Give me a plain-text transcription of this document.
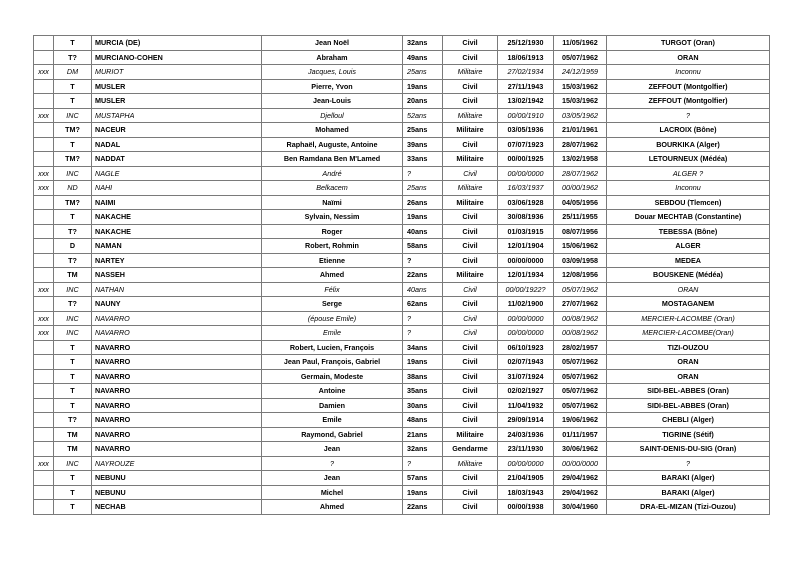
	T	MURCIA (DE)	Jean Noël	32ans	Civil	25/12/1930	11/05/1962	TURGOT (Oran)
	T?	MURCIANO-COHEN	Abraham	49ans	Civil	18/06/1913	05/07/1962	ORAN
xxx	DM	MURIOT	Jacques, Louis	25ans	Militaire	27/02/1934	24/12/1959	Inconnu
	T	MUSLER	Pierre, Yvon	19ans	Civil	27/11/1943	15/03/1962	ZEFFOUT (Montgolfier)
	T	MUSLER	Jean-Louis	20ans	Civil	13/02/1942	15/03/1962	ZEFFOUT (Montgolfier)
xxx	INC	MUSTAPHA	Djelloul	52ans	Militaire	00/00/1910	03/05/1962	?
	TM?	NACEUR	Mohamed	25ans	Militaire	03/05/1936	21/01/1961	LACROIX (Bône)
	T	NADAL	Raphaël, Auguste, Antoine	39ans	Civil	07/07/1923	28/07/1962	BOURKIKA (Alger)
	TM?	NADDAT	Ben Ramdana Ben M'Lamed	33ans	Militaire	00/00/1925	13/02/1958	LETOURNEUX (Médéa)
xxx	INC	NAGLE	André	?	Civil	00/00/0000	28/07/1962	ALGER ?
xxx	ND	NAHI	Belkacem	25ans	Militaire	16/03/1937	00/00/1962	Inconnu
	TM?	NAIMI	Naïmi	26ans	Militaire	03/06/1928	04/05/1956	SEBDOU (Tlemcen)
	T	NAKACHE	Sylvain, Nessim	19ans	Civil	30/08/1936	25/11/1955	Douar MECHTAB (Constantine)
	T?	NAKACHE	Roger	40ans	Civil	01/03/1915	08/07/1956	TEBESSA (Bône)
	D	NAMAN	Robert, Rohmin	58ans	Civil	12/01/1904	15/06/1962	ALGER
	T?	NARTEY	Etienne	?	Civil	00/00/0000	03/09/1958	MEDEA
	TM	NASSEH	Ahmed	22ans	Militaire	12/01/1934	12/08/1956	BOUSKENE (Médéa)
xxx	INC	NATHAN	Félix	40ans	Civil	00/00/1922?	05/07/1962	ORAN
	T?	NAUNY	Serge	62ans	Civil	11/02/1900	27/07/1962	MOSTAGANEM
xxx	INC	NAVARRO	(épouse Emile)	?	Civil	00/00/0000	00/08/1962	MERCIER-LACOMBE (Oran)
xxx	INC	NAVARRO	Emile	?	Civil	00/00/0000	00/08/1962	MERCIER-LACOMBE(Oran)
	T	NAVARRO	Robert, Lucien, François	34ans	Civil	06/10/1923	28/02/1957	TIZI-OUZOU
	T	NAVARRO	Jean Paul, François, Gabriel	19ans	Civil	02/07/1943	05/07/1962	ORAN
	T	NAVARRO	Germain, Modeste	38ans	Civil	31/07/1924	05/07/1962	ORAN
	T	NAVARRO	Antoine	35ans	Civil	02/02/1927	05/07/1962	SIDI-BEL-ABBES (Oran)
	T	NAVARRO	Damien	30ans	Civil	11/04/1932	05/07/1962	SIDI-BEL-ABBES (Oran)
	T?	NAVARRO	Emile	48ans	Civil	29/09/1914	19/06/1962	CHEBLI (Alger)
	TM	NAVARRO	Raymond, Gabriel	21ans	Militaire	24/03/1936	01/11/1957	TIGRINE (Sétif)
	TM	NAVARRO	Jean	32ans	Gendarme	23/11/1930	30/06/1962	SAINT-DENIS-DU-SIG (Oran)
xxx	INC	NAYROUZE	?	?	Militaire	00/00/0000	00/00/0000	?
	T	NEBUNU	Jean	57ans	Civil	21/04/1905	29/04/1962	BARAKI (Alger)
	T	NEBUNU	Michel	19ans	Civil	18/03/1943	29/04/1962	BARAKI (Alger)
	T	NECHAB	Ahmed	22ans	Civil	00/00/1938	30/04/1960	DRA-EL-MIZAN (Tizi-Ouzou)
